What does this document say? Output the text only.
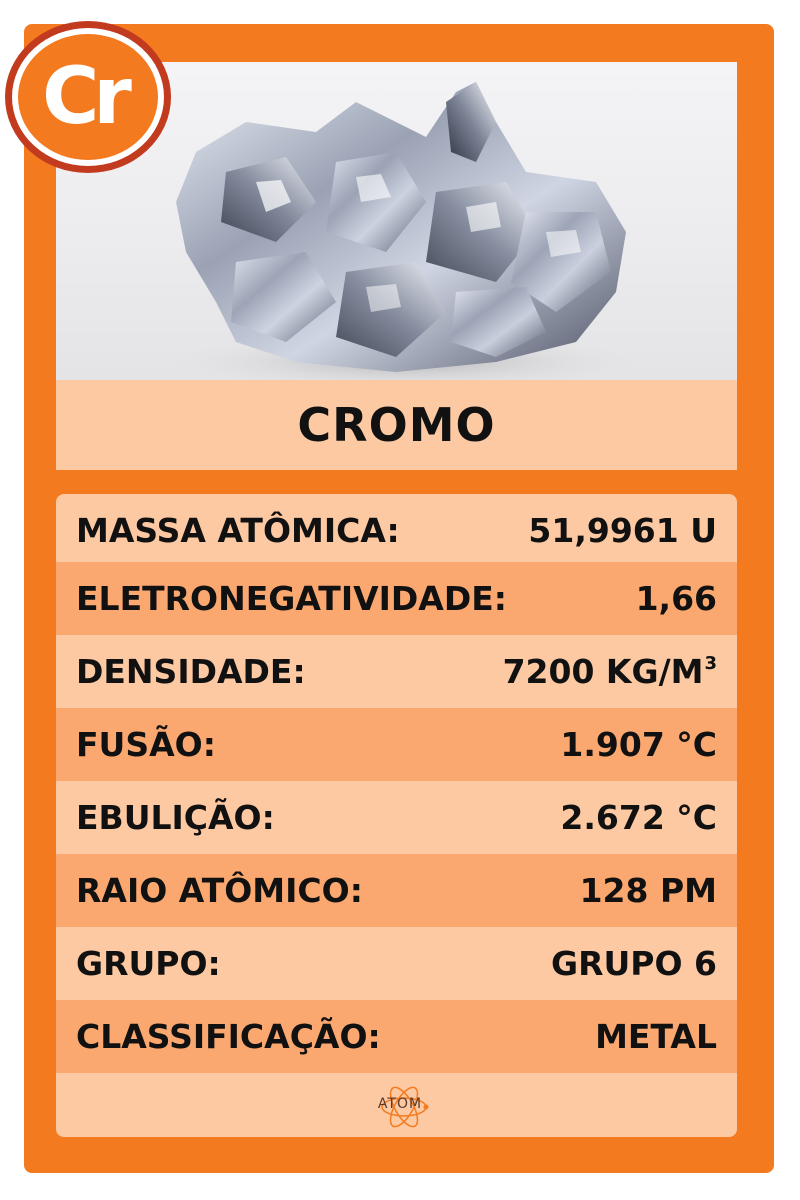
Cr
CROMO
MASSA ATÔMICA:	51,9961 U
ELETRONEGATIVIDADE:	1,66
DENSIDADE:	7200 $KG/M^3$
FUSÃO:	1.907 °C
EBULIÇÃO:	2.672 °C
RAIO ATÔMICO:	128 PM
GRUPO:	GRUPO 6
CLASSIFICAÇÃO:	METAL
ATOM
